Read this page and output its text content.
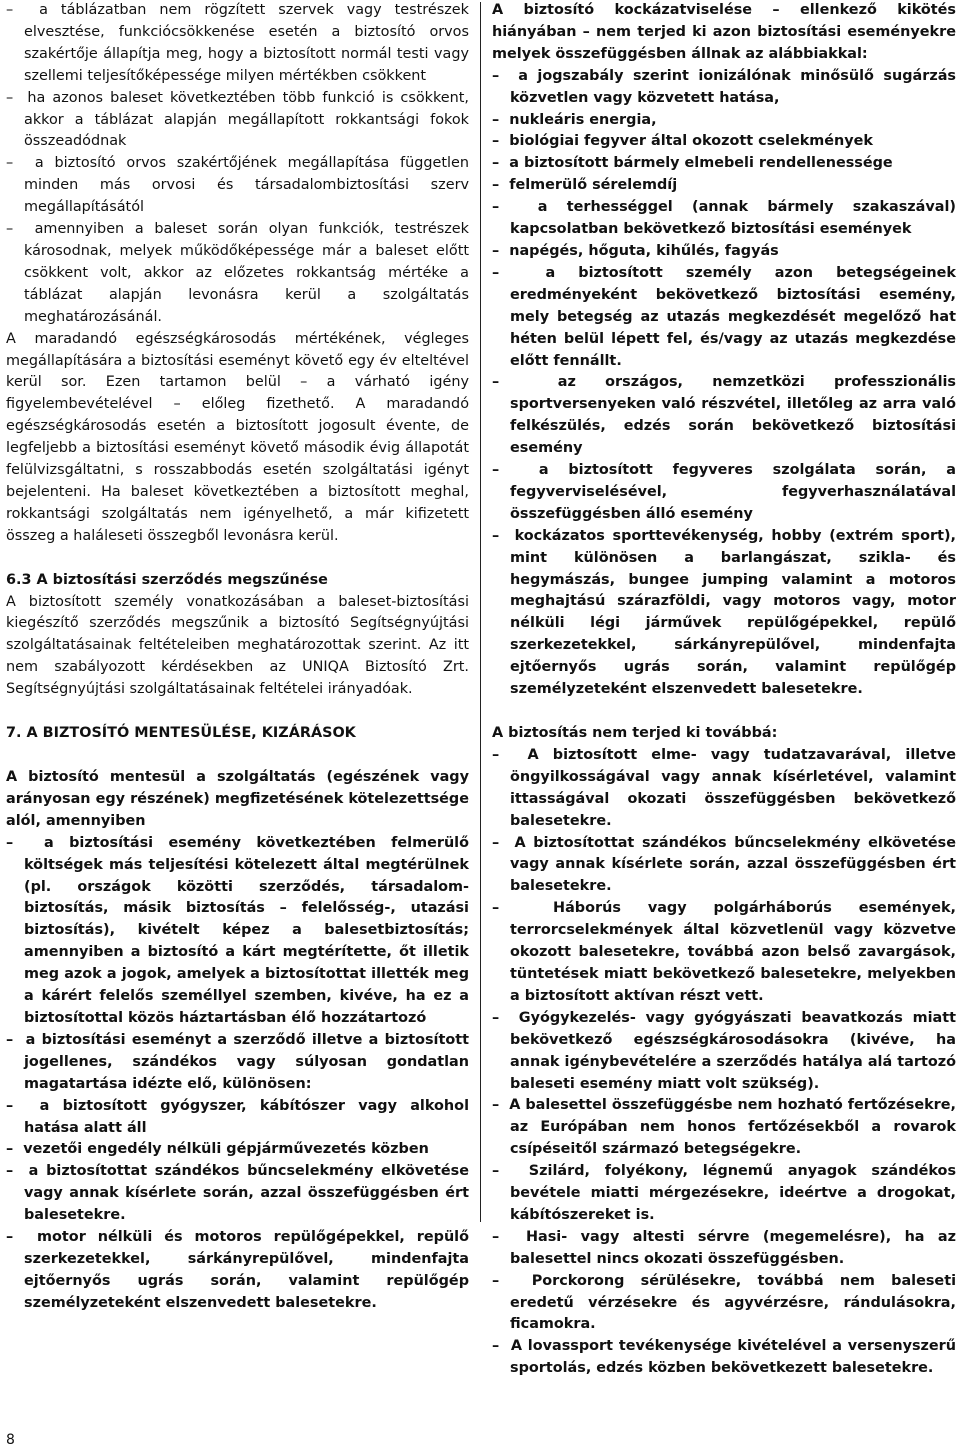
–  a táblázatban nem rögzített szervek vagy testrészek elvesztése, funkciócsökkenése esetén a biztosító orvos szakértője állapítja meg, hogy a biztosított normál testi vagy szellemi teljesítőképessége milyen mértékben csökkent
–  ha azonos baleset következtében több funkció is csökkent, akkor a táblázat alapján megállapított rokkantsági fokok összeadódnak
–  a biztosító orvos szakértőjének megállapítása független minden más orvosi és társadalombiztosítási szerv megállapításától
–  amennyiben a baleset során olyan funkciók, testrészek károsodnak, melyek működőképessége már a baleset előtt csökkent volt, akkor az előzetes rokkantság mértéke a táblázat alapján levonásra kerül a szolgáltatás meghatározásánál.
A maradandó egészségkárosodás mértékének, végleges megállapítására a biztosítási eseményt követő egy év elteltével kerül sor. Ezen tartamon belül – a várható igény figyelembevételével – előleg fizethető. A maradandó egészségkárosodás esetén a biztosított jogosult évente, de legfeljebb a biztosítási eseményt követő második évig állapotát felülvizsgáltatni, s rosszabbodás esetén szolgáltatási igényt bejelenteni. Ha baleset következtében a biztosított meghal, rokkantsági szolgáltatás nem igényelhető, a már kifizetett összeg a haláleseti összegből levonásra kerül.
6.3 A biztosítási szerződés megszűnése
A biztosított személy vonatkozásában a baleset-biztosítási kiegészítő szerződés megszűnik a biztosító Segítségnyújtási szolgáltatásainak feltételeiben meghatározottak szerint. Az itt nem szabályozott kérdésekben az UNIQA Biztosító Zrt. Segítségnyújtási szolgáltatásainak feltételei irányadóak.
7. A BIZTOSÍTÓ MENTESÜLÉSE, KIZÁRÁSOK
A biztosító mentesül a szolgáltatás (egészének vagy arányosan egy részének) megfizetésének kötelezettsége alól, amennyiben
–  a biztosítási esemény következtében felmerülő költségek más teljesítési kötelezett által megtérülnek (pl. országok közötti szerződés, társadalom-biztosítás, másik biztosítás – felelősség-, utazási biztosítás), kivételt képez a balesetbiztosítás; amennyiben a biztosító a kárt megtérítette, őt illetik meg azok a jogok, amelyek a biztosítottat illették meg a kárért felelős személlyel szemben, kivéve, ha ez a biztosítottal közös háztartásban élő hozzátartozó
–  a biztosítási eseményt a szerződő illetve a biztosított jogellenes, szándékos vagy súlyosan gondatlan magatartása idézte elő, különösen:
–  a biztosított gyógyszer, kábítószer vagy alkohol hatása alatt áll
–  vezetői engedély nélküli gépjárművezetés közben
–  a biztosítottat szándékos bűncselekmény elkövetése vagy annak kísérlete során, azzal összefüggésben ért balesetekre.
–  motor nélküli és motoros repülőgépekkel, repülő szerkezetekkel, sárkányrepülővel, mindenfajta ejtőernyős ugrás során, valamint repülőgép személyzeteként elszenvedett balesetekre.
A biztosító kockázatviselése – ellenkező kikötés hiányában – nem terjed ki azon biztosítási eseményekre melyek összefüggésben állnak az alábbiakkal:
–  a jogszabály szerint ionizálónak minősülő sugárzás közvetlen vagy közvetett hatása,
–  nukleáris energia,
–  biológiai fegyver által okozott cselekmények
–  a biztosított bármely elmebeli rendellenessége
–  felmerülő sérelemdíj
–  a terhességgel (annak bármely szakaszával) kapcsolatban bekövetkező biztosítási események
–  napégés, hőguta, kihűlés, fagyás
–  a biztosított személy azon betegségeinek eredményeként bekövetkező biztosítási esemény, mely betegség az utazás megkezdését megelőző hat héten belül lépett fel, és/vagy az utazás megkezdése előtt fennállt.
–  az országos, nemzetközi professzionális sportversenyeken való részvétel, illetőleg az arra való felkészülés, edzés során bekövetkező biztosítási esemény
–  a biztosított fegyveres szolgálata során, a fegyverviselésével, fegyverhasználatával összefüggésben álló esemény
–  kockázatos sporttevékenység, hobby (extrém sport), mint különösen a barlangászat, szikla- és hegymászás, bungee jumping valamint a motoros meghajtású szárazföldi, vagy motoros vagy, motor nélküli légi járművek repülőgépekkel, repülő szerkezetekkel, sárkányrepülővel, mindenfajta ejtőernyős ugrás során, valamint repülőgép személyzeteként elszenvedett balesetekre.
A biztosítás nem terjed ki továbbá:
–  A biztosított elme- vagy tudatzavarával, illetve öngyilkosságával vagy annak kísérletével, valamint ittasságával okozati összefüggésben bekövetkező balesetekre.
–  A biztosítottat szándékos bűncselekmény elkövetése vagy annak kísérlete során, azzal összefüggésben ért balesetekre.
–  Háborús vagy polgárháborús események, terrorcselekmények által közvetlenül vagy közvetve okozott balesetekre, továbbá azon belső zavargások, tüntetések miatt bekövetkező balesetekre, melyekben a biztosított aktívan részt vett.
–  Gyógykezelés- vagy gyógyászati beavatkozás miatt bekövetkező egészségkárosodásokra (kivéve, ha annak igénybevételére a szerződés hatálya alá tartozó baleseti esemény miatt volt szükség).
–  A balesettel összefüggésbe nem hozható fertőzésekre, az Európában nem honos fertőzésekből a rovarok csípéseitől származó betegségekre.
–  Szilárd, folyékony, légnemű anyagok szándékos bevétele miatti mérgezésekre, ideértve a drogokat, kábítószereket is.
–  Hasi- vagy altesti sérvre (megemelésre), ha az balesettel nincs okozati összefüggésben.
–  Porckorong sérülésekre, továbbá nem baleseti eredetű vérzésekre és agyvérzésre, rándulásokra, ficamokra.
–  A lovassport tevékenysége kivételével a versenyszerű sportolás, edzés közben bekövetkezett balesetekre.
8
